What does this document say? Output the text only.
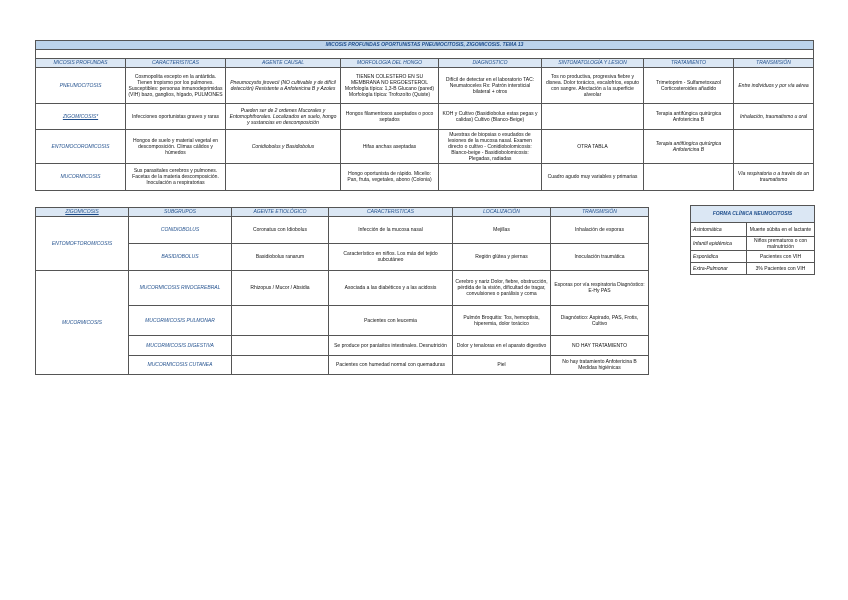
MICOSIS PROFUNDAS OPORTUNISTAS PNEUMOCITOSIS, ZIGOMICOSIS. TEMA 13							

MICOSIS PROFUNDAS	CARACTERISTICAS	AGENTE CAUSAL	MORFOLOGIA DEL HONGO	DIAGNOSTICO	SINTOMATOLOGÍA Y LESION	TRATAMIENTO	TRANSMISIÓN
PNEUMOCITOSIS	Cosmopolita excepto en la antártida. Tienen tropismo por los pulmones. Susceptibles: personas inmunodeprimidas (VIH) bazo, ganglios, hígado, PULMONES	Pneumocystis jirovecii (NO cultivable y de difícil detección) Resistente a Anfotericina B y Azoles	TIENEN COLESTERO EN SU MEMBRANA NO ERGOESTEROL Morfología típica: 1,3-B Glucano (pared) Morfología típica: Trofozoíto (Quiste)	Difícil de detectar en el laboratorio TAC: Neumatoceles Rx: Patrón intersticial bilateral + otros	Tos no productiva, progresiva fiebre y disnea. Dolor torácico, escalofríos, esputo con sangre. Afectación a la superficie alveolar	Trimetoprim - Sulfametoxazol Corticosteroides añadido	Entre individuos y por vía aérea
ZIGOMICOSIS*	Infecciones oportunistas graves y raras	Pueden ser de 2 ordenes Mucorales y Entomophthorales. Localizados en suelo, hongo y sustancias en descomposición	Hongos filamentosos aseptados o poco septados	KOH y Cultivo (Basidiobolus estas pegas y calidas) Cultivo (Blanco-Beige)		Terapia antifúngica quirúrgica Anfotericina B	Inhalación, traumatismo u oral
ENTOMOCOROMICOSIS	Hongos de suelo y material vegetal en descomposición. Climas cálidos y húmedos	Conidiobolus y Basidiobolus	Hifas anchas aseptadas	Muestras de biopsias o exudados de lesiones de la mucosa nasal. Examen directo o cultivo - Conidiobolomicosis: Blanco-beige - Basidiobolomicosis: Plegadas, radiadas	OTRA TABLA	Terapia antifúngica quirúrgica Anfotericina B	
MUCORMICOSIS	Sus parasitales cerebros y pulmones. Facetas de la materia descomposición. Inoculación a respiratorias		Hongo oportunista de rápido. Micelio: Pan, fruta, vegetales, abono (Colonia)		Cuadro agudo muy variables y primarias		Vía respiratoria o a través de un traumatismo
ZIGOMICOSIS	SUBGRUPOS	AGENTE ETIOLÓGICO	CARACTERISTICAS	LOCALIZACIÓN	TRANSMISIÓN
ENTOMOFTOROMICOSIS	CONIDIOBOLUS	Coronatus con Idiobolus	Infección de la mucosa nasal	Mejillas	Inhalación de esporas
	BASIDIOBOLUS	Basidiobolus ranarum	Característico en niños. Los más del tejido subcutáneo	Región glútea y piernas	Inoculación traumática
MUCORMICOSIS	MUCORMICOSIS RINOCEREBRAL	Rhizopus / Mucor / Absidia	Asociada a las diabéticos y a las acidosis	Cerebro y nariz Dolor, fiebre, obstrucción, pérdida de la visión, dificultad de tragar, convulsiones o parálisis y coma	Esporas por vía respiratoria Diagnóstico: E-Hy PAS
	MUCORMICOSIS PULMONAR		Pacientes con leucemia	Pulmón Broquitis: Tos, hemoptisis, hiperemia, dolor torácico	Diagnóstico: Aspirado, PAS, Frotis, Cultivo
	MUCORMICOSIS DIGESTIVA		Se produce por parásitos intestinales. Desnutrición	Dolor y tenaloras en el aparato digestivo	NO HAY TRATAMIENTO
	MUCORMICOSIS CUTANEA		Pacientes con humedad normal con quemaduras	Piel	No hay tratamiento Anfotericina B Medidas higiénicas
FORMA CLÍNICA NEUMOCITOSIS	
Asintomática	Muerte súbita en el lactante
Infantil epidémica	Niños prematuros o con malnutrición
Esporádica	Pacientes con VIH
Extra-Pulmonar	3% Pacientes con VIH
